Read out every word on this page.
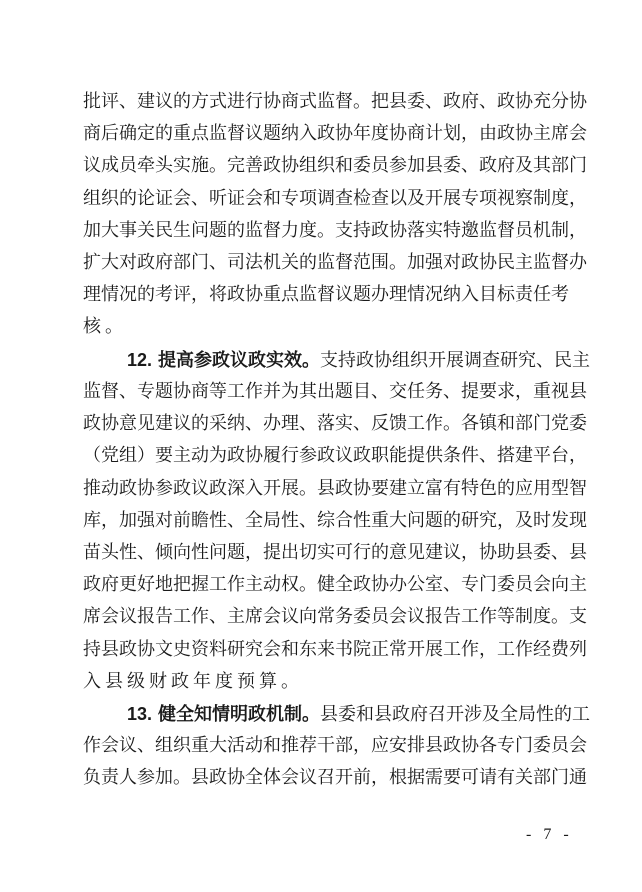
批评、建议的方式进行协商式监督。把县委、政府、政协充分协
商后确定的重点监督议题纳入政协年度协商计划，由政协主席会
议成员牵头实施。完善政协组织和委员参加县委、政府及其部门
组织的论证会、听证会和专项调查检查以及开展专项视察制度，
加大事关民生问题的监督力度。支持政协落实特邀监督员机制，
扩大对政府部门、司法机关的监督范围。加强对政协民主监督办
理情况的考评，将政协重点监督议题办理情况纳入目标责任考
核。
12. 提高参政议政实效。支持政协组织开展调查研究、民主
监督、专题协商等工作并为其出题目、交任务、提要求，重视县
政协意见建议的采纳、办理、落实、反馈工作。各镇和部门党委
（党组）要主动为政协履行参政议政职能提供条件、搭建平台，
推动政协参政议政深入开展。县政协要建立富有特色的应用型智
库，加强对前瞻性、全局性、综合性重大问题的研究，及时发现
苗头性、倾向性问题，提出切实可行的意见建议，协助县委、县
政府更好地把握工作主动权。健全政协办公室、专门委员会向主
席会议报告工作、主席会议向常务委员会议报告工作等制度。支
持县政协文史资料研究会和东来书院正常开展工作，工作经费列
入县级财政年度预算。
13. 健全知情明政机制。县委和县政府召开涉及全局性的工
作会议、组织重大活动和推荐干部，应安排县政协各专门委员会
负责人参加。县政协全体会议召开前，根据需要可请有关部门通
- 7 -
